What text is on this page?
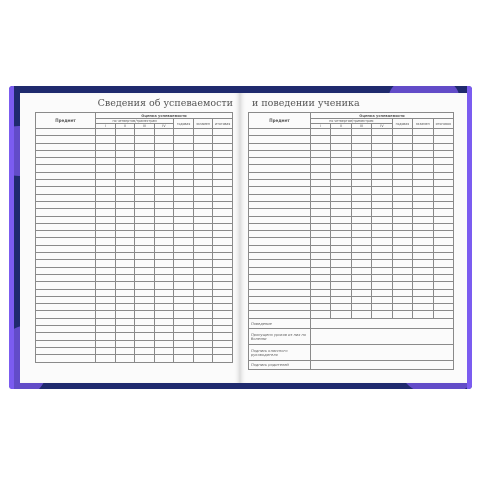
Сведения об успеваемости
Предмет	Оценка успеваемости						
	по четвертям/триместрам				годовая	экзамен	итоговая
	I	II	III	IV			

и поведении ученика
Предмет	Оценка успеваемости						
	по четвертям/триместрам				годовая	экзамен	итоговая
	I	II	III	IV			

Поведение	
Пропущено уроков из них по болезни	
Подпись классного руководителя	
Подпись родителей	
